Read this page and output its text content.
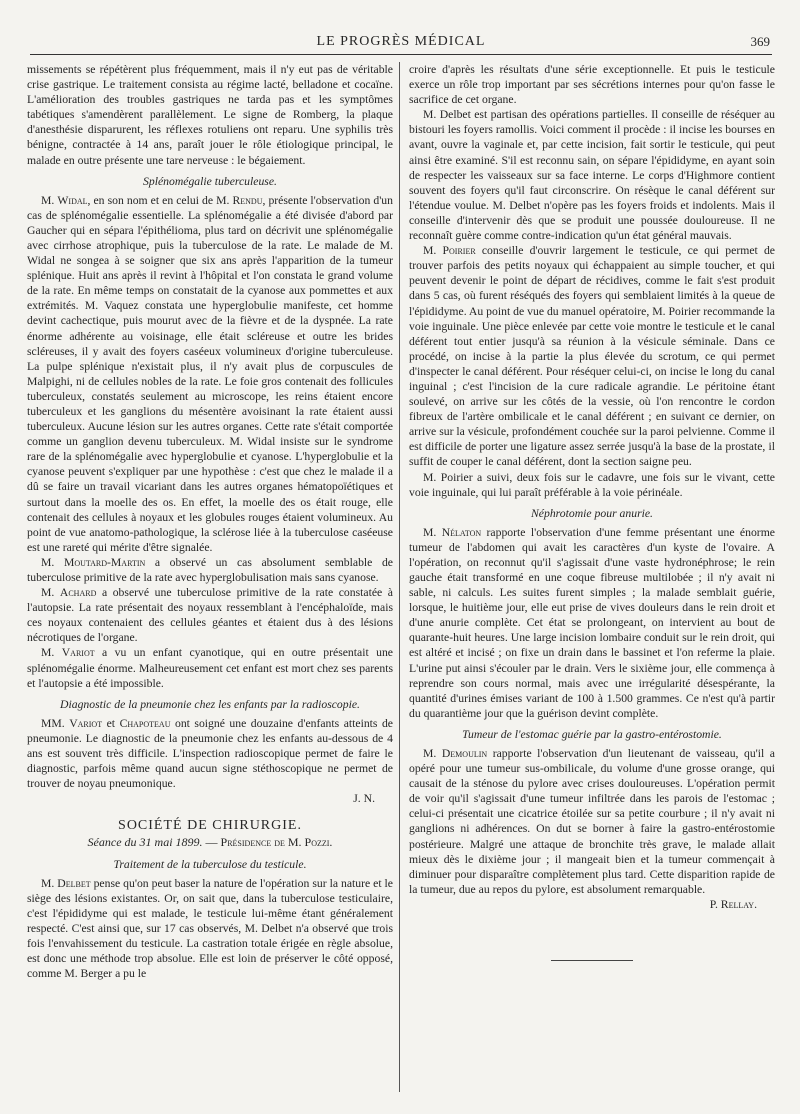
LE PROGRÈS MÉDICAL	369

missements se répétèrent plus fréquemment, mais il n'y eut pas de véritable crise gastrique. Le traitement consista au régime lacté, belladone et cocaïne. L'amélioration des troubles gastriques ne tarda pas et les symptômes tabétiques s'amendèrent parallèlement. Le signe de Romberg, la plaque d'anesthésie disparurent, les réflexes rotuliens ont reparu. Une syphilis très bénigne, contractée à 14 ans, paraît jouer le rôle étiologique principal, le malade en outre présente une tare nerveuse : le bégaiement.

Splénomégalie tuberculeuse.

M. Widal, en son nom et en celui de M. Rendu, présente l'observation d'un cas de splénomégalie essentielle. La splénomégalie a été divisée d'abord par Gaucher qui en sépara l'épithélioma, plus tard on décrivit une splénomégalie avec cirrhose atrophique, puis la tuberculose de la rate. Le malade de M. Widal ne songea à se soigner que six ans après l'apparition de la tumeur splénique. Huit ans après il revint à l'hôpital et l'on constata le grand volume de la rate. En même temps on constatait de la cyanose aux pommettes et aux extrémités. M. Vaquez constata une hyperglobulie manifeste, cet homme devint cachectique, puis mourut avec de la fièvre et de la dyspnée. La rate énorme adhérente au voisinage, elle était scléreuse et outre les brides scléreuses, il y avait des foyers caséeux volumineux d'origine tuberculeuse. La pulpe splénique n'existait plus, il n'y avait plus de corpuscules de Malpighi, ni de cellules nobles de la rate. Le foie gros contenait des follicules tuberculeux, constatés seulement au microscope, les reins étaient encore tuberculeux et les ganglions du mésentère avoisinant la rate étaient aussi tuberculeux. Aucune lésion sur les autres organes. Cette rate s'était comportée comme un ganglion devenu tuberculeux. M. Widal insiste sur le syndrome rare de la splénomégalie avec hyperglobulie et cyanose. L'hyperglobulie et la cyanose peuvent s'expliquer par une hypothèse : c'est que chez le malade il a dû se faire un travail vicariant dans les autres organes hématopoïétiques et surtout dans la moelle des os. En effet, la moelle des os était rouge, elle contenait des cellules à noyaux et les globules rouges étaient volumineux. Au point de vue anatomo-pathologique, la sclérose liée à la tuberculose caséeuse est une rareté qui mérite d'être signalée.

M. Moutard-Martin a observé un cas absolument semblable de tuberculose primitive de la rate avec hyperglobulisation mais sans cyanose.

M. Achard a observé une tuberculose primitive de la rate constatée à l'autopsie. La rate présentait des noyaux ressemblant à l'encéphaloïde, mais ces noyaux contenaient des cellules géantes et étaient dus à des lésions nécrotiques de l'organe.

M. Variot a vu un enfant cyanotique, qui en outre présentait une splénomégalie énorme. Malheureusement cet enfant est mort chez ses parents et l'autopsie a été impossible.

Diagnostic de la pneumonie chez les enfants par la radioscopie.

MM. Variot et Chapoteau ont soigné une douzaine d'enfants atteints de pneumonie. Le diagnostic de la pneumonie chez les enfants au-dessous de 4 ans est souvent très difficile. L'inspection radioscopique permet de faire le diagnostic, parfois même quand aucun signe stéthoscopique ne permet de trouver de noyau pneumonique.

J. N.
SOCIÉTÉ DE CHIRURGIE.
Séance du 31 mai 1899. — Présidence de M. Pozzi.

Traitement de la tuberculose du testicule.

M. Delbet pense qu'on peut baser la nature de l'opération sur la nature et le siège des lésions existantes. Or, on sait que, dans la tuberculose testiculaire, c'est l'épididyme qui est malade, le testicule lui-même étant généralement respecté. C'est ainsi que, sur 17 cas observés, M. Delbet n'a observé que trois fois l'envahissement du testicule. La castration totale érigée en règle absolue, est donc une méthode trop absolue. Elle est loin de préserver le côté opposé, comme M. Berger a pu le

croire d'après les résultats d'une série exceptionnelle. Et puis le testicule exerce un rôle trop important par ses sécrétions internes pour qu'on fasse le sacrifice de cet organe.

M. Delbet est partisan des opérations partielles. Il conseille de réséquer au bistouri les foyers ramollis. Voici comment il procède : il incise les bourses en avant, ouvre la vaginale et, par cette incision, fait sortir le testicule, qui peut ainsi être examiné. S'il est reconnu sain, on sépare l'épididyme, en ayant soin de respecter les vaisseaux sur sa face interne. Le corps d'Highmore contient souvent des foyers qu'il faut circonscrire. On résèque le canal déférent sur l'étendue voulue. M. Delbet n'opère pas les foyers froids et indolents. Mais il conseille d'intervenir dès que se produit une poussée douloureuse. Il ne reconnaît guère comme contre-indication qu'un état général mauvais.

M. Poirier conseille d'ouvrir largement le testicule, ce qui permet de trouver parfois des petits noyaux qui échappaient au simple toucher, et qui peuvent devenir le point de départ de récidives, comme le fait s'est produit dans 5 cas, où furent réséqués des foyers qui semblaient limités à la queue de l'épididyme. Au point de vue du manuel opératoire, M. Poirier recommande la voie inguinale. Une pièce enlevée par cette voie montre le testicule et le canal déférent tout entier jusqu'à sa réunion à la vésicule séminale. Dans ce procédé, on incise à la partie la plus élevée du scrotum, ce qui permet d'inspecter le canal déférent. Pour réséquer celui-ci, on incise le long du canal inguinal ; c'est l'incision de la cure radicale agrandie. Le péritoine étant soulevé, on arrive sur les côtés de la vessie, où l'on rencontre le cordon fibreux de l'artère ombilicale et le canal déférent ; en suivant ce dernier, on arrive sur la vésicule, profondément couchée sur la paroi pelvienne. Comme il est difficile de porter une ligature assez serrée jusqu'à la base de la prostate, il suffit de couper le canal déférent, dont la section saigne peu.

M. Poirier a suivi, deux fois sur le cadavre, une fois sur le vivant, cette voie inguinale, qui lui paraît préférable à la voie périnéale.

Néphrotomie pour anurie.

M. Nélaton rapporte l'observation d'une femme présentant une énorme tumeur de l'abdomen qui avait les caractères d'un kyste de l'ovaire. A l'opération, on reconnut qu'il s'agissait d'une vaste hydronéphrose; le rein gauche était transformé en une coque fibreuse multilobée ; il n'y avait ni sable, ni calculs. Les suites furent simples ; la malade semblait guérie, lorsque, le huitième jour, elle eut prise de vives douleurs dans le rein droit et d'une anurie complète. Cet état se prolongeant, on intervient au bout de quarante-huit heures. Une large incision lombaire conduit sur le rein droit, qui est altéré et incisé ; on fixe un drain dans le bassinet et l'on referme la plaie. L'urine put ainsi s'écouler par le drain. Vers le sixième jour, elle commença à reprendre son cours normal, mais avec une irrégularité désespérante, la quantité d'urines émises variant de 100 à 1.500 grammes. Ce n'est qu'à partir du quarantième jour que la guérison devint complète.

Tumeur de l'estomac guérie par la gastro-entérostomie.

M. Demoulin rapporte l'observation d'un lieutenant de vaisseau, qu'il a opéré pour une tumeur sus-ombilicale, du volume d'une grosse orange, qui causait de la sténose du pylore avec crises douloureuses. L'opération permit de voir qu'il s'agissait d'une tumeur infiltrée dans les parois de l'estomac ; celui-ci présentait une cicatrice étoilée sur sa petite courbure ; il n'y avait ni ganglions ni adhérences. On dut se borner à faire la gastro-entérostomie postérieure. Malgré une attaque de bronchite très grave, le malade allait mieux dès le dixième jour ; il mangeait bien et la tumeur commençait à diminuer pour disparaître complètement plus tard. Cette disparition rapide de la tumeur, due au repos du pylore, est absolument remarquable.

P. Rellay.
